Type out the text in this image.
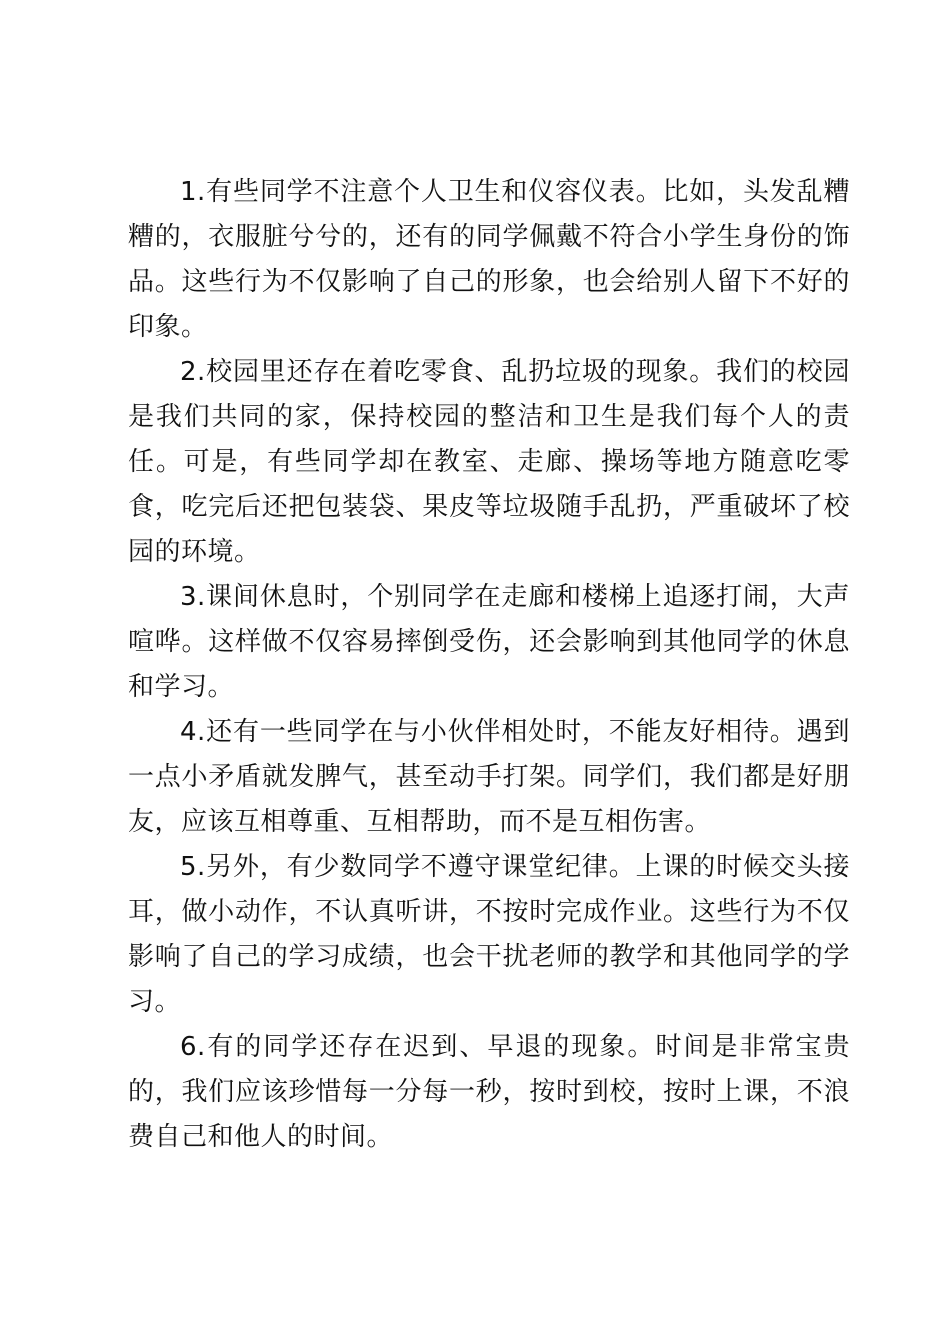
1.有些同学不注意个人卫生和仪容仪表。比如，头发乱糟糟的，衣服脏兮兮的，还有的同学佩戴不符合小学生身份的饰品。这些行为不仅影响了自己的形象，也会给别人留下不好的印象。

2.校园里还存在着吃零食、乱扔垃圾的现象。我们的校园是我们共同的家，保持校园的整洁和卫生是我们每个人的责任。可是，有些同学却在教室、走廊、操场等地方随意吃零食，吃完后还把包装袋、果皮等垃圾随手乱扔，严重破坏了校园的环境。

3.课间休息时，个别同学在走廊和楼梯上追逐打闹，大声喧哗。这样做不仅容易摔倒受伤，还会影响到其他同学的休息和学习。

4.还有一些同学在与小伙伴相处时，不能友好相待。遇到一点小矛盾就发脾气，甚至动手打架。同学们，我们都是好朋友，应该互相尊重、互相帮助，而不是互相伤害。

5.另外，有少数同学不遵守课堂纪律。上课的时候交头接耳，做小动作，不认真听讲，不按时完成作业。这些行为不仅影响了自己的学习成绩，也会干扰老师的教学和其他同学的学习。

6.有的同学还存在迟到、早退的现象。时间是非常宝贵的，我们应该珍惜每一分每一秒，按时到校，按时上课，不浪费自己和他人的时间。
